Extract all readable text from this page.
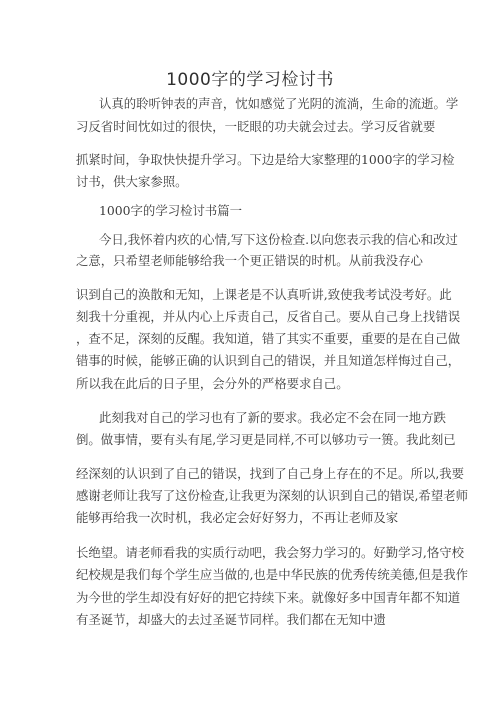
1000字的学习检讨书
认真的聆听钟表的声音，忱如感觉了光阴的流淌，生命的流逝。学
习反省时间忱如过的很快，一眨眼的功夫就会过去。学习反省就要
抓紧时间，争取快快提升学习。下边是给大家整理的1000字的学习检
讨书，供大家参照。
1000字的学习检讨书篇一
今日,我怀着内疚的心情,写下这份检查.以向您表示我的信心和改过
之意，只希望老师能够给我一个更正错误的时机。从前我没存心
识到自己的涣散和无知，上课老是不认真听讲,致使我考试没考好。此
刻我十分重视，并从内心上斥责自己，反省自己。要从自己身上找错误
，查不足，深刻的反醒。我知道，错了其实不重要，重要的是在自己做
错事的时候，能够正确的认识到自己的错误，并且知道怎样悔过自己，
所以我在此后的日子里，会分外的严格要求自己。
此刻我对自己的学习也有了新的要求。我必定不会在同一地方跌
倒。做事情，要有头有尾,学习更是同样,不可以够功亏一篑。我此刻已
经深刻的认识到了自己的错误，找到了自己身上存在的不足。所以,我要
感谢老师让我写了这份检查,让我更为深刻的认识到自己的错误,希望老师
能够再给我一次时机，我必定会好好努力，不再让老师及家
长绝望。请老师看我的实质行动吧，我会努力学习的。好勤学习,恪守校
纪校规是我们每个学生应当做的,也是中华民族的优秀传统美德,但是我作
为今世的学生却没有好好的把它持续下来。就像好多中国青年都不知道
有圣诞节，却盛大的去过圣诞节同样。我们都在无知中遗
